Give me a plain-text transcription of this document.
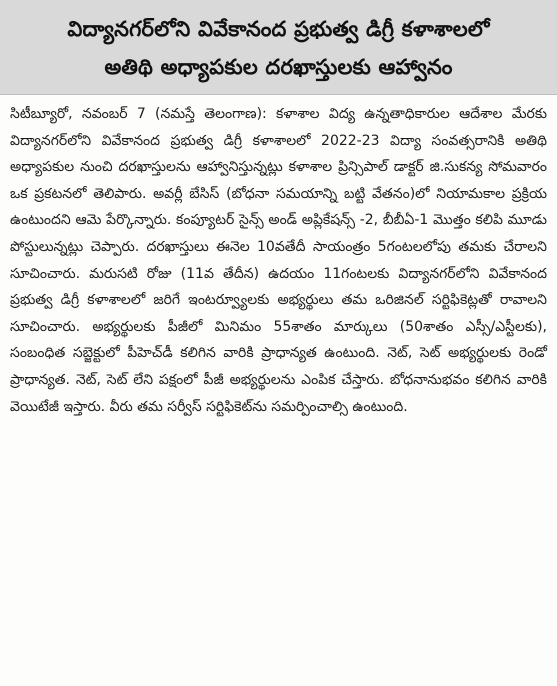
విద్యానగర్‌లోని వివేకానంద ప్రభుత్వ డిగ్రీ కళాశాలలో
అతిథి అధ్యాపకుల దరఖాస్తులకు ఆహ్వానం

సిటీబ్యూరో, నవంబర్ 7 (నమస్తే తెలంగాణ): కళాశాల విద్య ఉన్నతాధికారుల ఆదేశాల మేరకు విద్యానగర్‌లోని వివేకానంద ప్రభుత్వ డిగ్రీ కళాశాలలో 2022-23 విద్యా సంవత్సరానికి అతిథి అధ్యాపకుల నుంచి దరఖాస్తులను ఆహ్వానిస్తున్నట్లు కళాశాల ప్రిన్సిపాల్ డాక్టర్ జి.సుకన్య సోమవారం ఒక ప్రకటనలో తెలిపారు. అవర్లీ బేసిస్ (బోధనా సమయాన్ని బట్టి వేతనం)లో నియామకాల ప్రక్రియ ఉంటుందని ఆమె పేర్కొన్నారు. కంప్యూటర్ సైన్స్ అండ్ అప్లికేషన్స్ -2, బీబీఏ-1 మొత్తం కలిపి మూడు పోస్టులున్నట్లు చెప్పారు. దరఖాస్తులు ఈనెల 10వతేదీ సాయంత్రం 5గంటలలోపు తమకు చేరాలని సూచించారు. మరుసటి రోజు (11వ తేదీన) ఉదయం 11గంటలకు విద్యానగర్‌లోని వివేకానంద ప్రభుత్వ డిగ్రీ కళాశాలలో జరిగే ఇంటర్వ్యూలకు అభ్యర్థులు తమ ఒరిజినల్ సర్టిఫికెట్లతో రావాలని సూచించారు. అభ్యర్థులకు పీజీలో మినిమం 55శాతం మార్కులు (50శాతం ఎస్సీ/ఎస్టీలకు), సంబంధిత సబ్జెక్టులో పీహెచ్‌డీ కలిగిన వారికి ప్రాధాన్యత ఉంటుంది. నెట్, సెట్ అభ్యర్థులకు రెండో ప్రాధాన్యత. నెట్, సెట్ లేని పక్షంలో పీజీ అభ్యర్థులను ఎంపిక చేస్తారు. బోధనానుభవం కలిగిన వారికి వెయిటేజీ ఇస్తారు. వీరు తమ సర్వీస్ సర్టిఫికెట్‌ను సమర్పించాల్సి ఉంటుంది.
